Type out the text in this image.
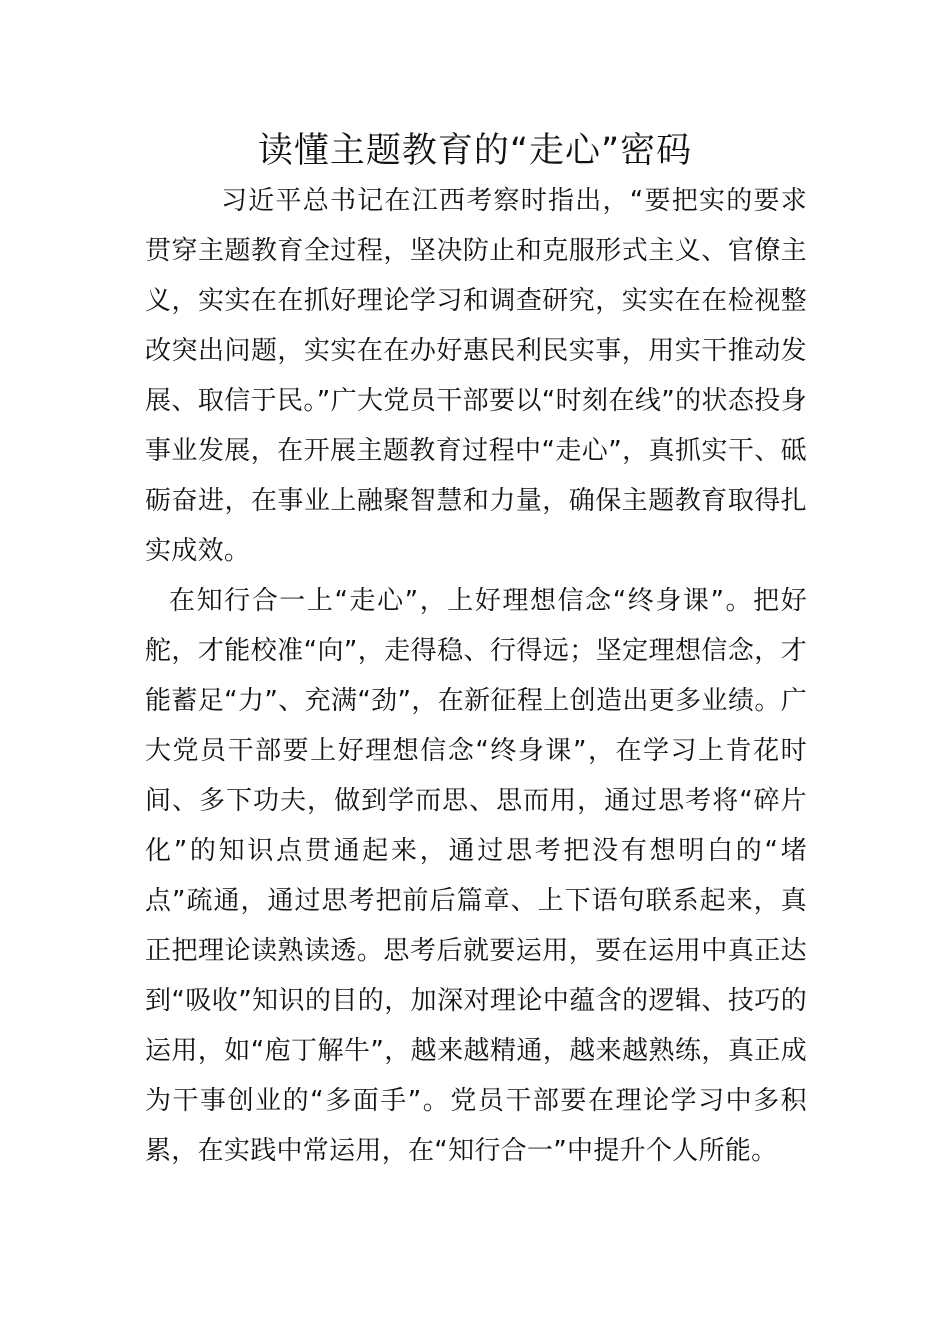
读懂主题教育的“走心”密码

习近平总书记在江西考察时指出，“要把实的要求贯穿主题教育全过程，坚决防止和克服形式主义、官僚主义，实实在在抓好理论学习和调查研究，实实在在检视整改突出问题，实实在在办好惠民利民实事，用实干推动发展、取信于民。”广大党员干部要以“时刻在线”的状态投身事业发展，在开展主题教育过程中“走心”，真抓实干、砥砺奋进，在事业上融聚智慧和力量，确保主题教育取得扎实成效。

在知行合一上“走心”，上好理想信念“终身课”。把好舵，才能校准“向”，走得稳、行得远；坚定理想信念，才能蓄足“力”、充满“劲”，在新征程上创造出更多业绩。广大党员干部要上好理想信念“终身课”，在学习上肯花时间、多下功夫，做到学而思、思而用，通过思考将“碎片化”的知识点贯通起来，通过思考把没有想明白的“堵点”疏通，通过思考把前后篇章、上下语句联系起来，真正把理论读熟读透。思考后就要运用，要在运用中真正达到“吸收”知识的目的，加深对理论中蕴含的逻辑、技巧的运用，如“庖丁解牛”，越来越精通，越来越熟练，真正成为干事创业的“多面手”。党员干部要在理论学习中多积累，在实践中常运用，在“知行合一”中提升个人所能。
